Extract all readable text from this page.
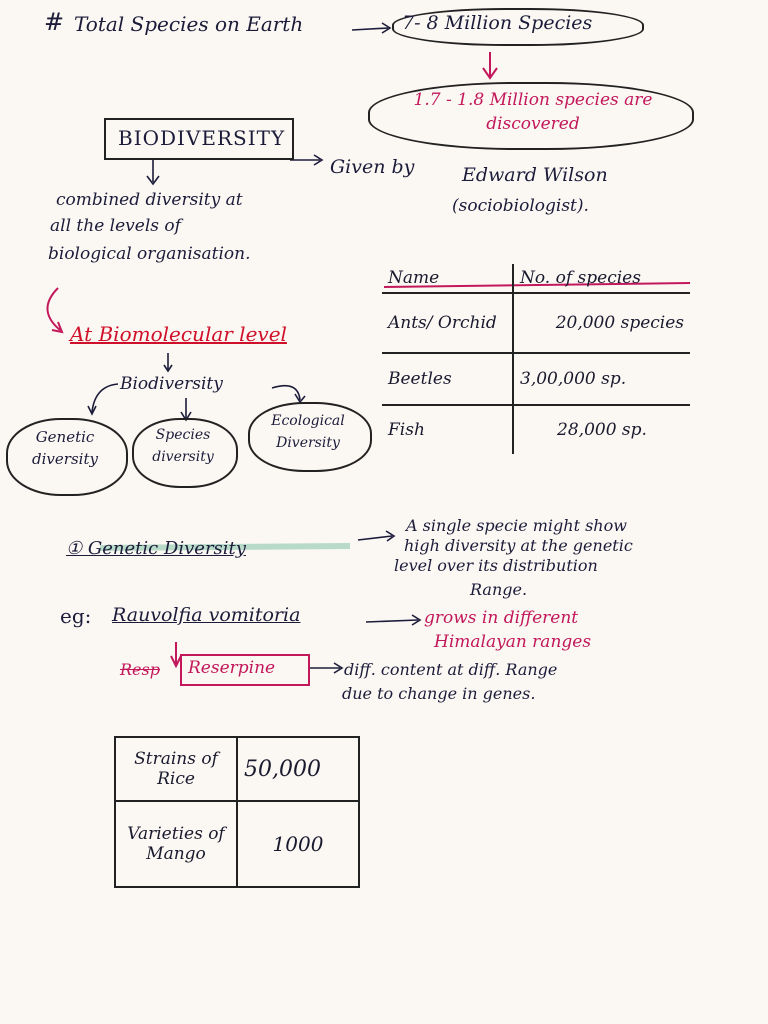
# Total Species on Earth	7- 8 Million Species
1.7 - 1.8 Million species are discovered
BIODIVERSITY
Given by	Edward Wilson
(sociobiologist).
combined diversity at
all the levels of
biological organisation.
Name	No. of species
Ants/ Orchid	20,000 species
Beetles	3,00,000 sp.
Fish	28,000 sp.
At Biomolecular level
Biodiversity
Genetic diversity
Species diversity
Ecological Diversity
① Genetic Diversity
A single specie might show
high diversity at the genetic
level over its distribution
Range.
eg: Rauvolfia vomitoria	grows in different
Himalayan ranges
Resp Reserpine	diff. content at diff. Range
due to change in genes.
Strains of Rice	50,000
Varieties of Mango	1000
